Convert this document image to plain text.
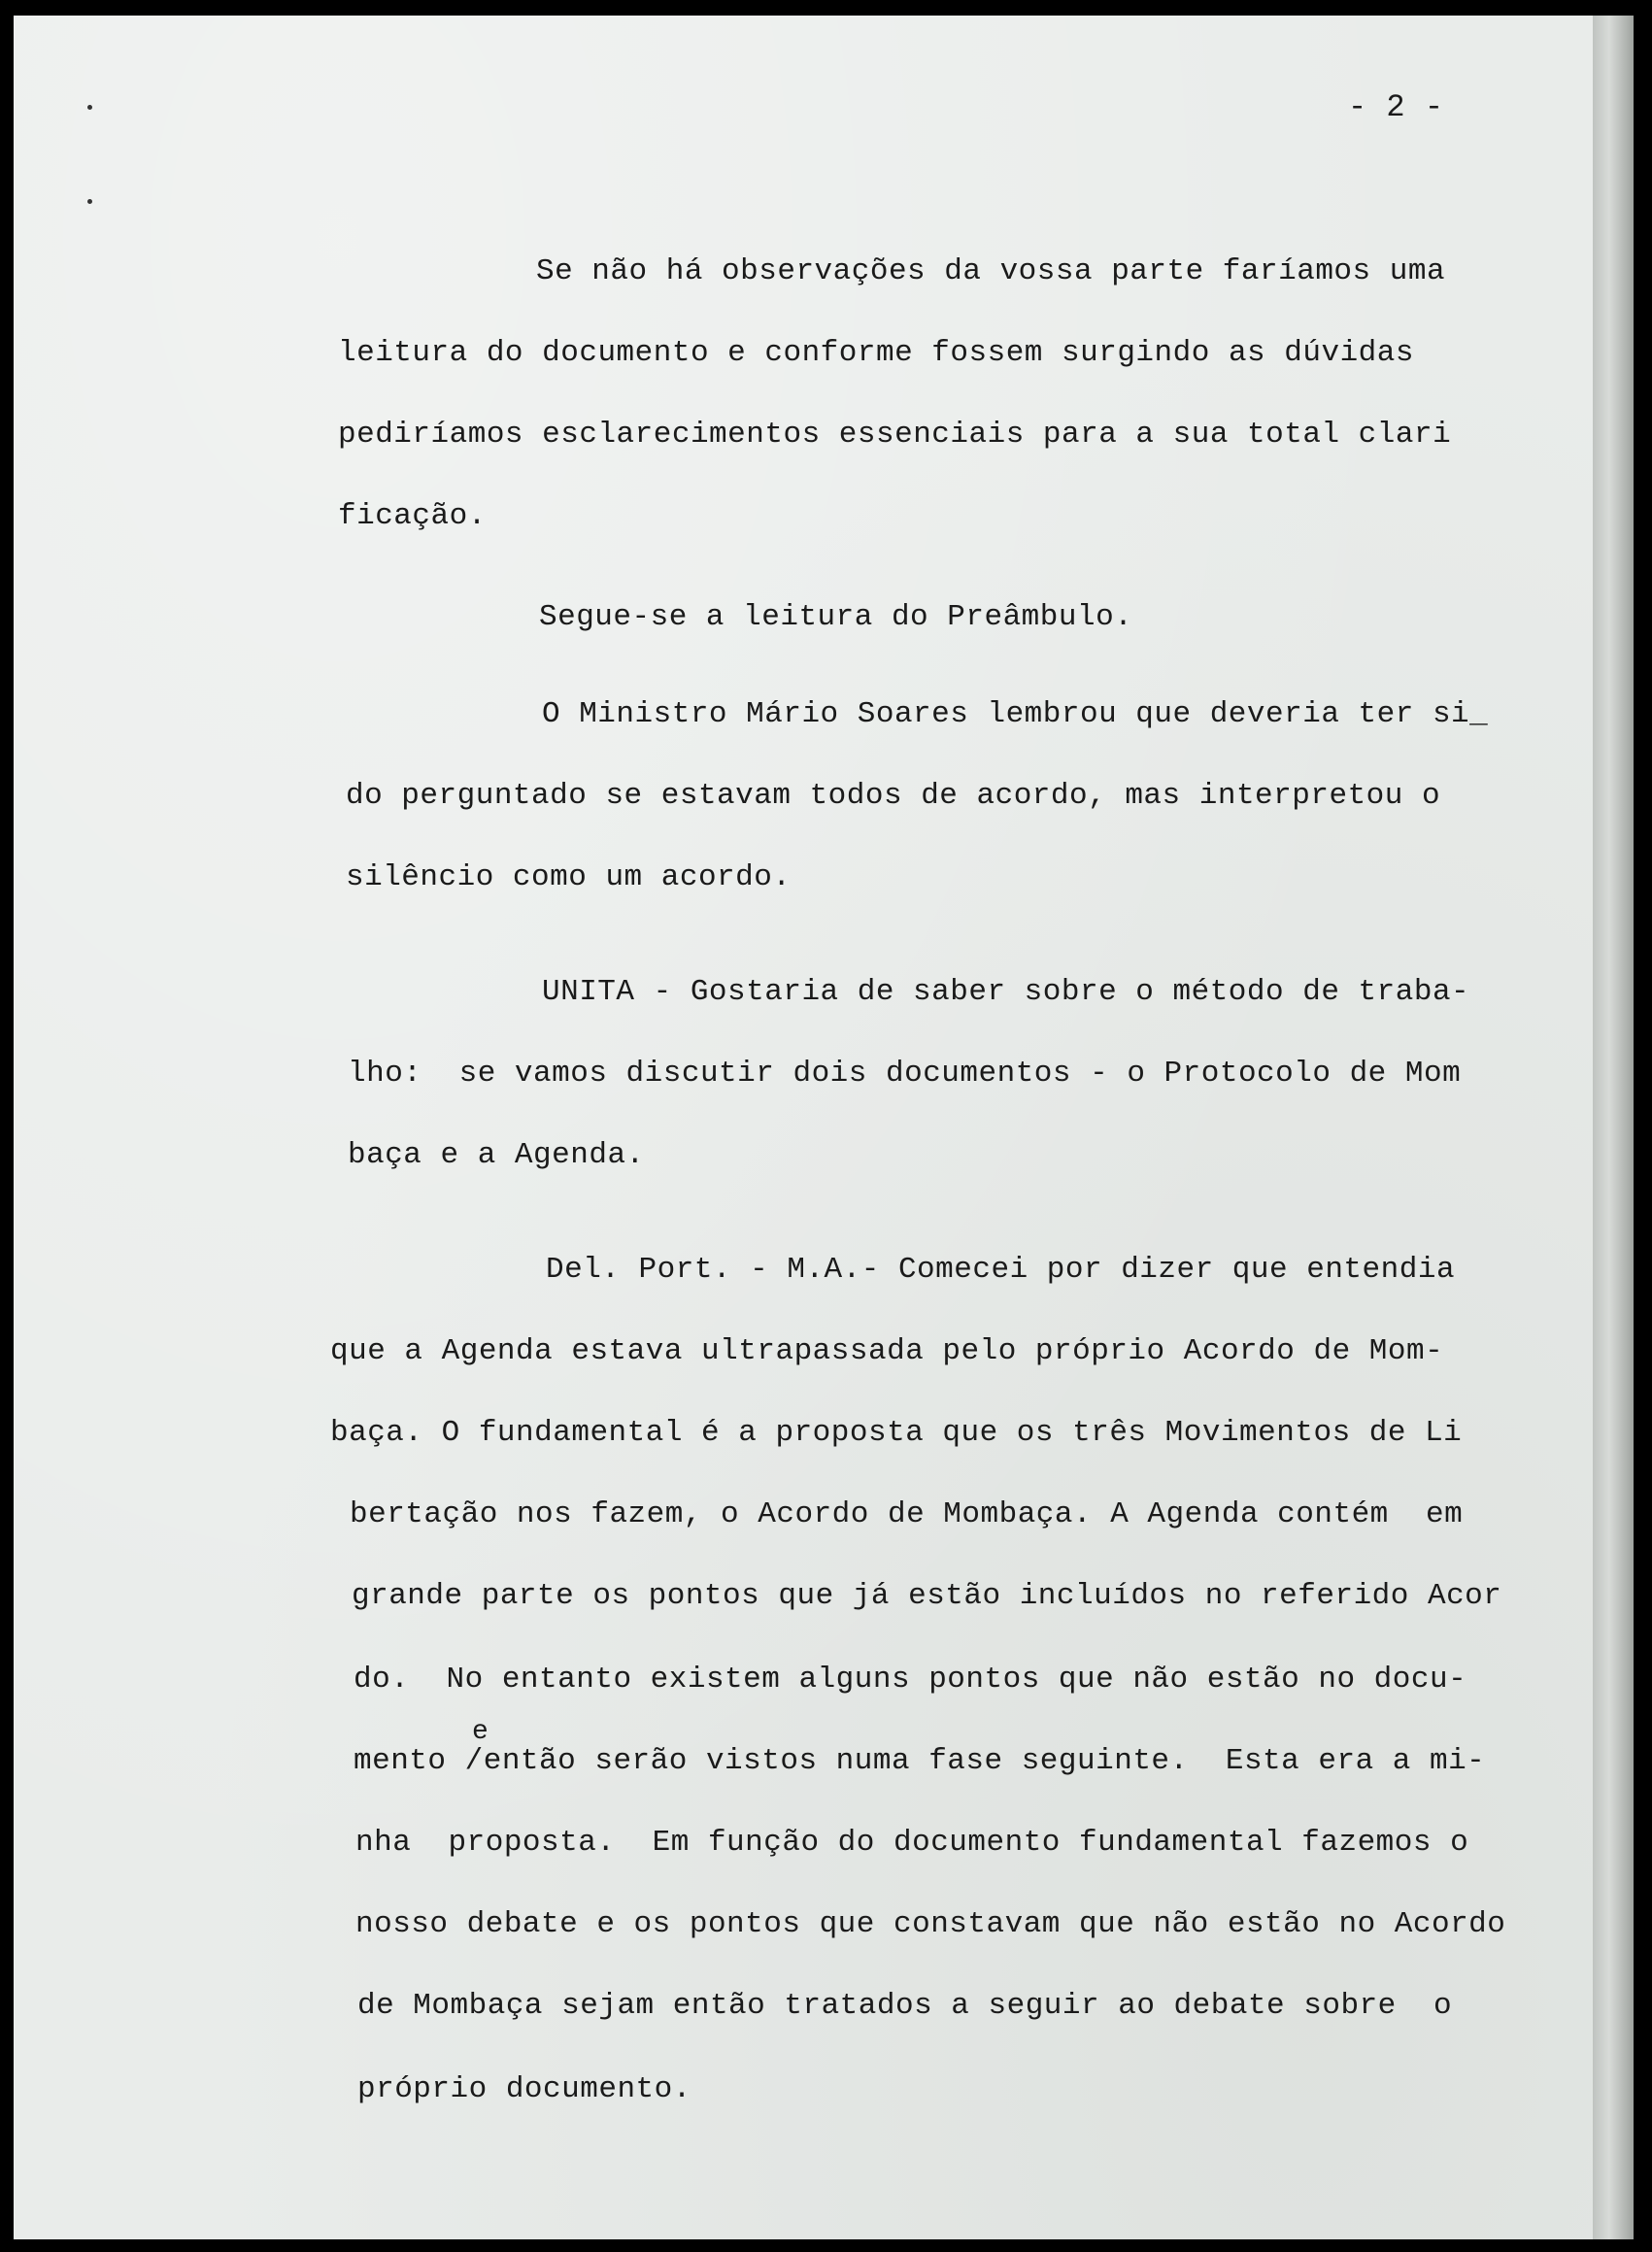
- 2 -
Se não há observações da vossa parte faríamos uma
leitura do documento e conforme fossem surgindo as dúvidas
pediríamos esclarecimentos essenciais para a sua total clari
ficação.
Segue-se a leitura do Preâmbulo.
O Ministro Mário Soares lembrou que deveria ter si_
do perguntado se estavam todos de acordo, mas interpretou o
silêncio como um acordo.
UNITA - Gostaria de saber sobre o método de traba-
lho:  se vamos discutir dois documentos - o Protocolo de Mom
baça e a Agenda.
Del. Port. - M.A.- Comecei por dizer que entendia
que a Agenda estava ultrapassada pelo próprio Acordo de Mom-
baça. O fundamental é a proposta que os três Movimentos de Li
bertação nos fazem, o Acordo de Mombaça. A Agenda contém  em
grande parte os pontos que já estão incluídos no referido Acor
do.  No entanto existem alguns pontos que não estão no docu-
e
mento /então serão vistos numa fase seguinte.  Esta era a mi-
nha  proposta.  Em função do documento fundamental fazemos o
nosso debate e os pontos que constavam que não estão no Acordo
de Mombaça sejam então tratados a seguir ao debate sobre  o
próprio documento.
